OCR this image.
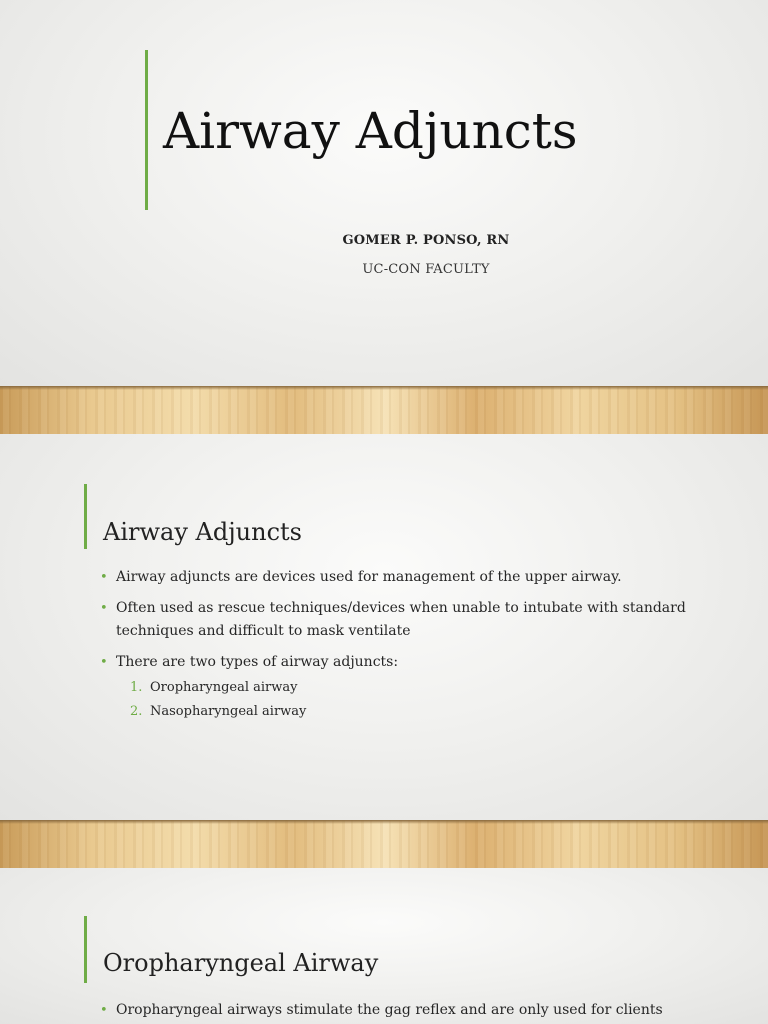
Airway Adjuncts
GOMER P. PONSO, RN
UC-CON FACULTY
Airway Adjuncts
• Airway adjuncts are devices used for management of the upper airway.
• Often used as rescue techniques/devices when unable to intubate with standard techniques and difficult to mask ventilate
• There are two types of airway adjuncts:
1. Oropharyngeal airway
2. Nasopharyngeal airway
Oropharyngeal Airway
• Oropharyngeal airways stimulate the gag reflex and are only used for clients
